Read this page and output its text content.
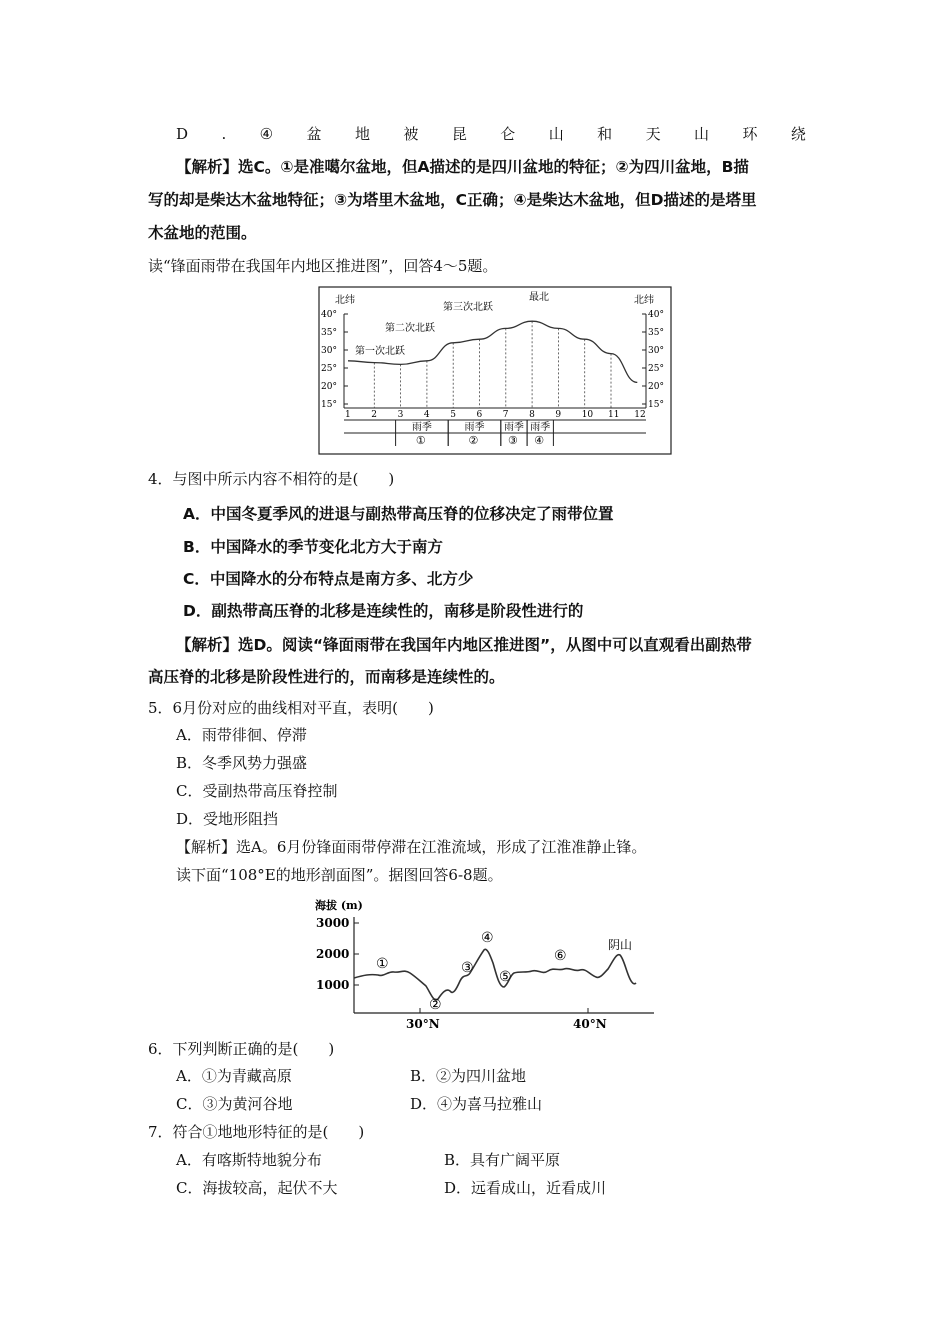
D . ④ 盆 地 被 昆 仑 山 和 天 山 环 绕
【解析】选C。①是准噶尔盆地，但A描述的是四川盆地的特征；②为四川盆地，B描
写的却是柴达木盆地特征；③为塔里木盆地，C正确；④是柴达木盆地，但D描述的是塔里
木盆地的范围。
读“锋面雨带在我国年内地区推进图”，回答4～5题。
北纬	北纬
40°
35°
30°
25°
20°
15°
40°
35°
30°
25°
20°
15°
1 2 3 4 5 6 7 8 9 10 11 12
第一次北跃
第二次北跃
第三次北跃
最北
雨季
①
雨季
②
雨季
③
雨季
④
4．与图中所示内容不相符的是(　　)
A．中国冬夏季风的进退与副热带高压脊的位移决定了雨带位置
B．中国降水的季节变化北方大于南方
C．中国降水的分布特点是南方多、北方少
D．副热带高压脊的北移是连续性的，南移是阶段性进行的
【解析】选D。阅读“锋面雨带在我国年内地区推进图”，从图中可以直观看出副热带
高压脊的北移是阶段性进行的，而南移是连续性的。
5．6月份对应的曲线相对平直，表明(　　)
A．雨带徘徊、停滞
B．冬季风势力强盛
C．受副热带高压脊控制
D．受地形阻挡
【解析】选A。6月份锋面雨带停滞在江淮流域，形成了江淮准静止锋。
读下面“108°E的地形剖面图”。据图回答6-8题。
海拔 (m)
3000
2000
1000
30°N	40°N
①
②
③
④
⑤
⑥
阴山
6．下列判断正确的是(　　)
A．①为青藏高原	B．②为四川盆地
C．③为黄河谷地	D．④为喜马拉雅山
7．符合①地地形特征的是(　　)
A．有喀斯特地貌分布	B．具有广阔平原
C．海拔较高，起伏不大	D．远看成山，近看成川
